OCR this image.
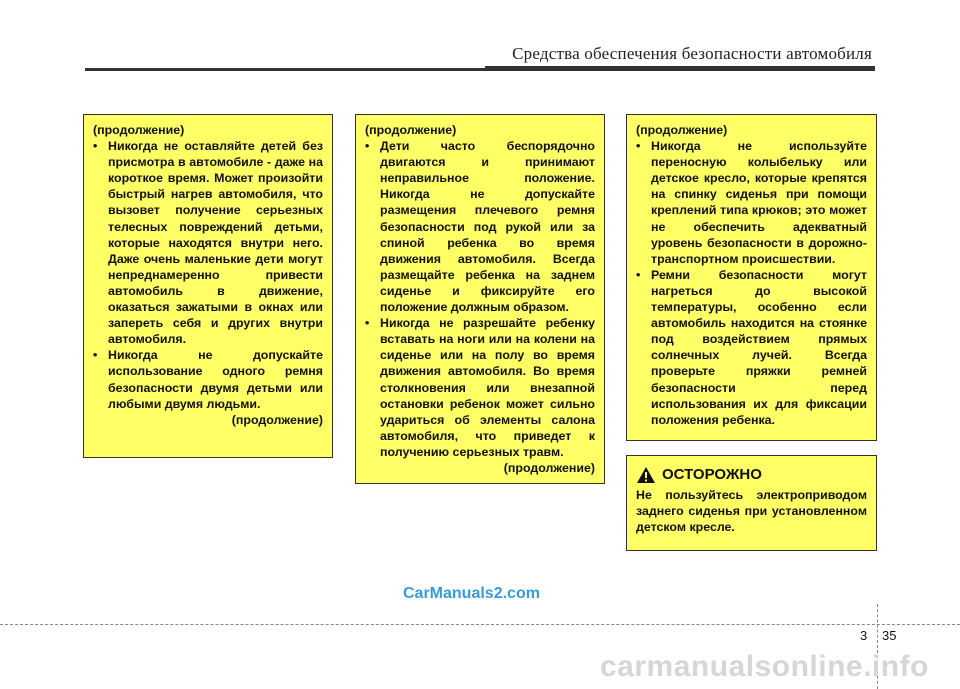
Средства обеспечения безопасности автомобиля
(продолжение)
• Никогда не оставляйте детей без присмотра в автомобиле - даже на короткое время. Может произойти быстрый нагрев автомобиля, что вызовет получение серьезных телесных повреждений детьми, которые находятся внутри него. Даже очень маленькие дети могут непреднамеренно привести автомобиль в движение, оказаться зажатыми в окнах или запереть себя и других внутри автомобиля.
• Никогда не допускайте использование одного ремня безопасности двумя детьми или любыми двумя людьми.
(продолжение)
(продолжение)
• Дети часто беспорядочно двигаются и принимают неправильное положение. Никогда не допускайте размещения плечевого ремня безопасности под рукой или за спиной ребенка во время движения автомобиля. Всегда размещайте ребенка на заднем сиденье и фиксируйте его положение должным образом.
• Никогда не разрешайте ребенку вставать на ноги или на колени на сиденье или на полу во время движения автомобиля. Во время столкновения или внезапной остановки ребенок может сильно удариться об элементы салона автомобиля, что приведет к получению серьезных травм.
(продолжение)
(продолжение)
• Никогда не используйте переносную колыбельку или детское кресло, которые крепятся на спинку сиденья при помощи креплений типа крюков; это может не обеспечить адекватный уровень безопасности в дорожно-транспортном происшествии.
• Ремни безопасности могут нагреться до высокой температуры, особенно если автомобиль находится на стоянке под воздействием прямых солнечных лучей. Всегда проверьте пряжки ремней безопасности перед использования их для фиксации положения ребенка.
ОСТОРОЖНО
Не пользуйтесь электроприводом заднего сиденья при установленном детском кресле.
CarManuals2.com
3 35
carmanualsonline.info
